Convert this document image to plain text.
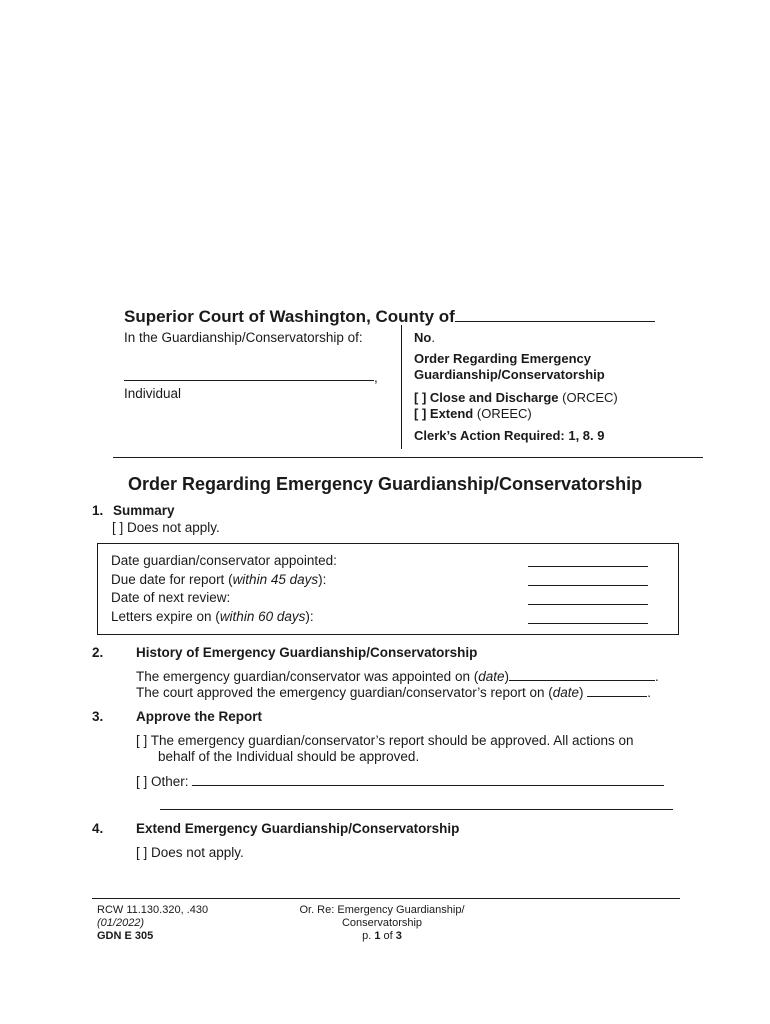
Superior Court of Washington, County of
In the Guardianship/Conservatorship of:
,
Individual
No.
Order Regarding Emergency
Guardianship/Conservatorship
[ ] Close and Discharge (ORCEC)
[ ] Extend (OREEC)
Clerk’s Action Required: 1, 8. 9
Order Regarding Emergency Guardianship/Conservatorship
1. Summary
[ ] Does not apply.
Date guardian/conservator appointed:
Due date for report (within 45 days):
Date of next review:
Letters expire on (within 60 days):
2. History of Emergency Guardianship/Conservatorship
The emergency guardian/conservator was appointed on (date)	.
The court approved the emergency guardian/conservator’s report on (date)	.
3. Approve the Report
[ ] The emergency guardian/conservator’s report should be approved. All actions on
behalf of the Individual should be approved.
[ ] Other:
4. Extend Emergency Guardianship/Conservatorship
[ ] Does not apply.
RCW 11.130.320, .430
(01/2022)
GDN E 305
Or. Re: Emergency Guardianship/
Conservatorship
p. 1 of 3
